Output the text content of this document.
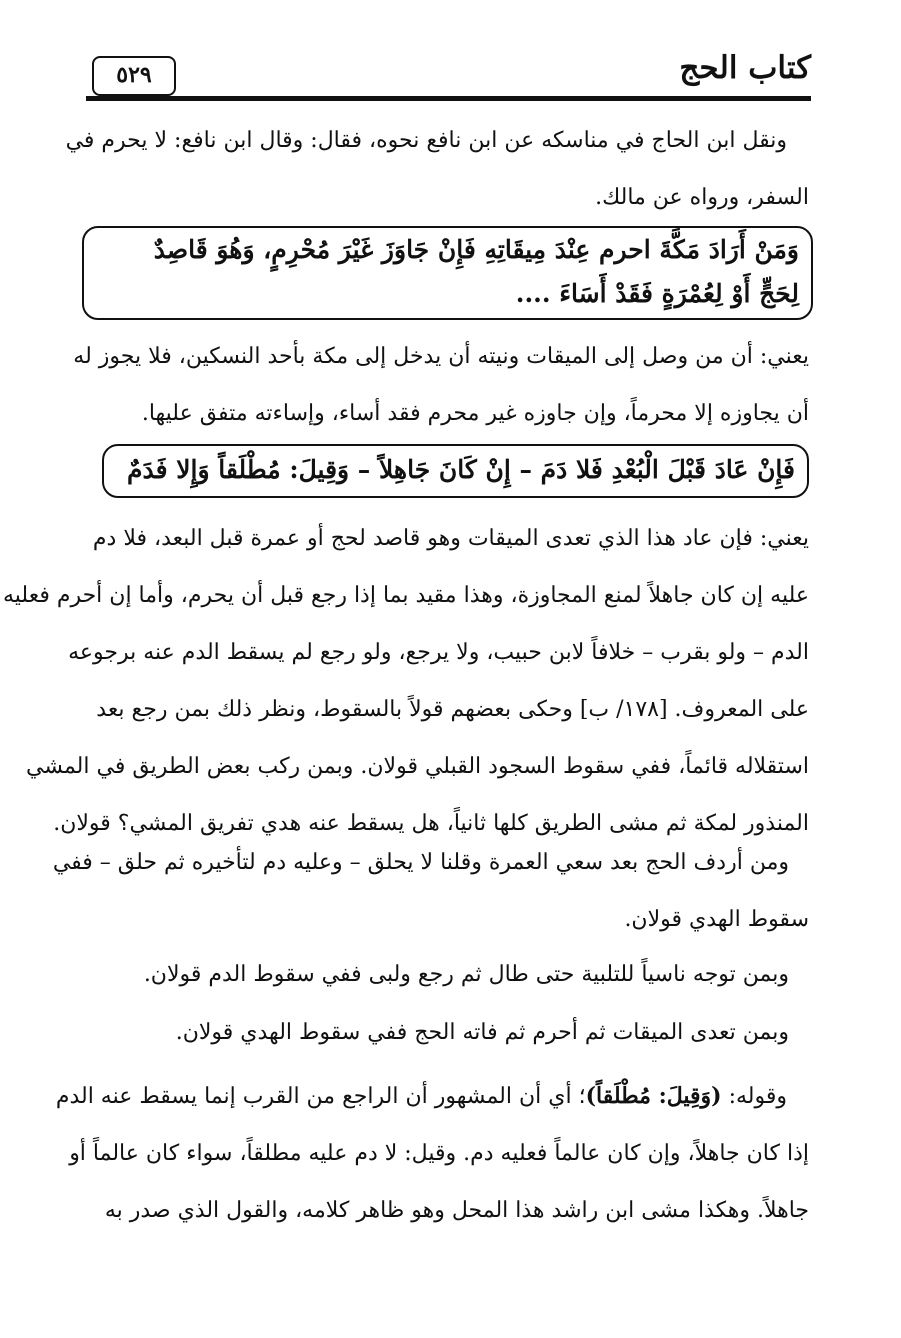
كتاب الحج
٥٢٩
ونقل ابن الحاج في مناسكه عن ابن نافع نحوه، فقال: وقال ابن نافع: لا يحرم في
السفر، ورواه عن مالك.
وَمَنْ أَرَادَ مَكَّةَ احرم عِنْدَ مِيقَاتِهِ فَإِنْ جَاوَزَ غَيْرَ مُحْرِمٍ، وَهُوَ قَاصِدٌ
لِحَجٍّ أَوْ لِعُمْرَةٍ فَقَدْ أَسَاءَ ....
يعني: أن من وصل إلى الميقات ونيته أن يدخل إلى مكة بأحد النسكين، فلا يجوز له
أن يجاوزه إلا محرماً، وإن جاوزه غير محرم فقد أساء، وإساءته متفق عليها.
فَإِنْ عَادَ قَبْلَ الْبُعْدِ فَلا دَمَ – إِنْ كَانَ جَاهِلاً – وَقِيلَ: مُطْلَقاً وَإِلا فَدَمٌ
يعني: فإن عاد هذا الذي تعدى الميقات وهو قاصد لحج أو عمرة قبل البعد، فلا دم
عليه إن كان جاهلاً لمنع المجاوزة، وهذا مقيد بما إذا رجع قبل أن يحرم، وأما إن أحرم فعليه
الدم – ولو بقرب – خلافاً لابن حبيب، ولا يرجع، ولو رجع لم يسقط الدم عنه برجوعه
على المعروف. [١٧٨/ ب] وحكى بعضهم قولاً بالسقوط، ونظر ذلك بمن رجع بعد
استقلاله قائماً، ففي سقوط السجود القبلي قولان. وبمن ركب بعض الطريق في المشي
المنذور لمكة ثم مشى الطريق كلها ثانياً، هل يسقط عنه هدي تفريق المشي؟ قولان.
ومن أردف الحج بعد سعي العمرة وقلنا لا يحلق – وعليه دم لتأخيره ثم حلق – ففي
سقوط الهدي قولان.
وبمن توجه ناسياً للتلبية حتى طال ثم رجع ولبى ففي سقوط الدم قولان.
وبمن تعدى الميقات ثم أحرم ثم فاته الحج ففي سقوط الهدي قولان.
وقوله: (وَقِيلَ: مُطْلَقاً)؛ أي أن المشهور أن الراجع من القرب إنما يسقط عنه الدم
إذا كان جاهلاً، وإن كان عالماً فعليه دم. وقيل: لا دم عليه مطلقاً، سواء كان عالماً أو
جاهلاً. وهكذا مشى ابن راشد هذا المحل وهو ظاهر كلامه، والقول الذي صدر به
